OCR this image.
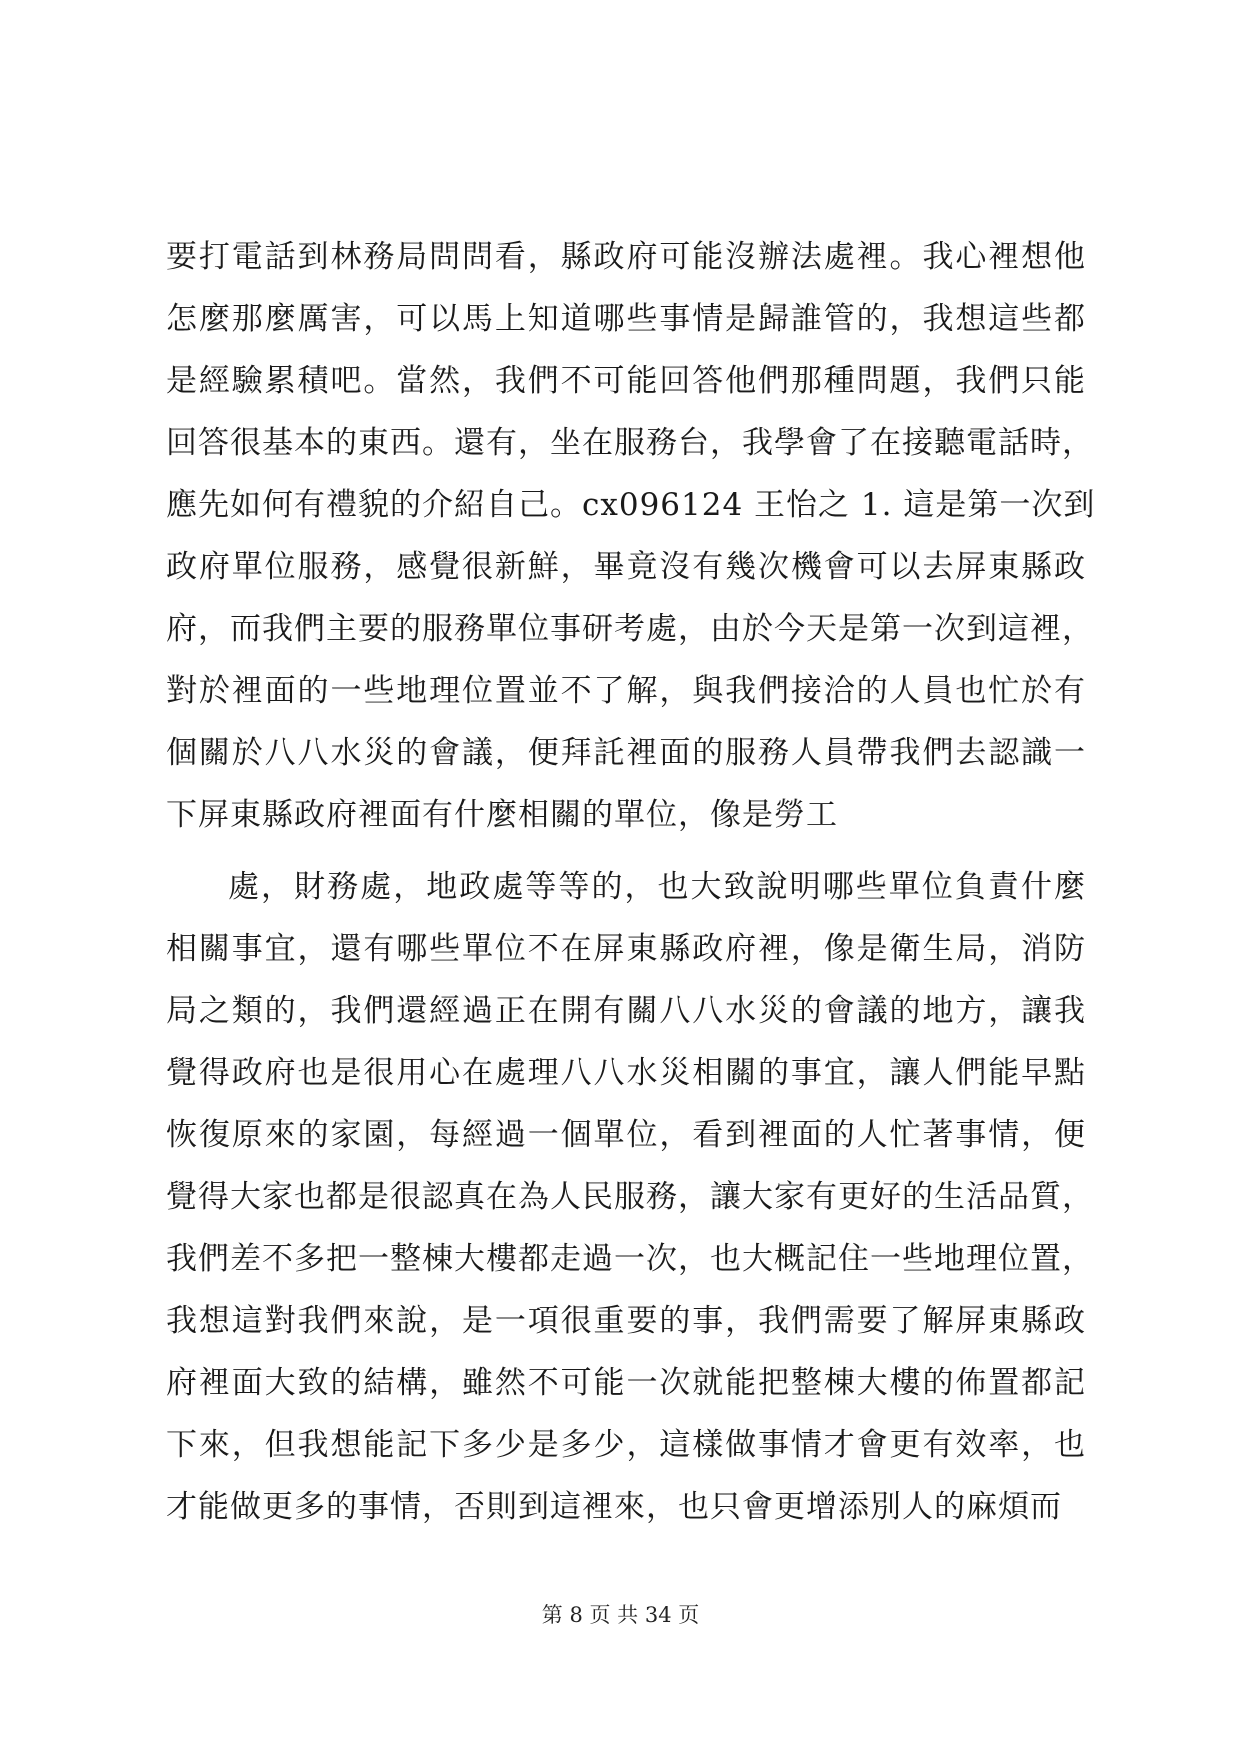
要打電話到林務局問問看，縣政府可能沒辦法處裡。我心裡想他
怎麼那麼厲害，可以馬上知道哪些事情是歸誰管的，我想這些都
是經驗累積吧。當然，我們不可能回答他們那種問題，我們只能
回答很基本的東西。還有，坐在服務台，我學會了在接聽電話時，
應先如何有禮貌的介紹自己。cx096124 王怡之 1. 這是第一次到
政府單位服務，感覺很新鮮，畢竟沒有幾次機會可以去屏東縣政
府，而我們主要的服務單位事研考處，由於今天是第一次到這裡，
對於裡面的一些地理位置並不了解，與我們接洽的人員也忙於有
個關於八八水災的會議，便拜託裡面的服務人員帶我們去認識一
下屏東縣政府裡面有什麼相關的單位，像是勞工
處，財務處，地政處等等的，也大致說明哪些單位負責什麼
相關事宜，還有哪些單位不在屏東縣政府裡，像是衛生局，消防
局之類的，我們還經過正在開有關八八水災的會議的地方，讓我
覺得政府也是很用心在處理八八水災相關的事宜，讓人們能早點
恢復原來的家園，每經過一個單位，看到裡面的人忙著事情，便
覺得大家也都是很認真在為人民服務，讓大家有更好的生活品質，
我們差不多把一整棟大樓都走過一次，也大概記住一些地理位置，
我想這對我們來說，是一項很重要的事，我們需要了解屏東縣政
府裡面大致的結構，雖然不可能一次就能把整棟大樓的佈置都記
下來，但我想能記下多少是多少，這樣做事情才會更有效率，也
才能做更多的事情，否則到這裡來，也只會更增添別人的麻煩而
第 8 页 共 34 页
